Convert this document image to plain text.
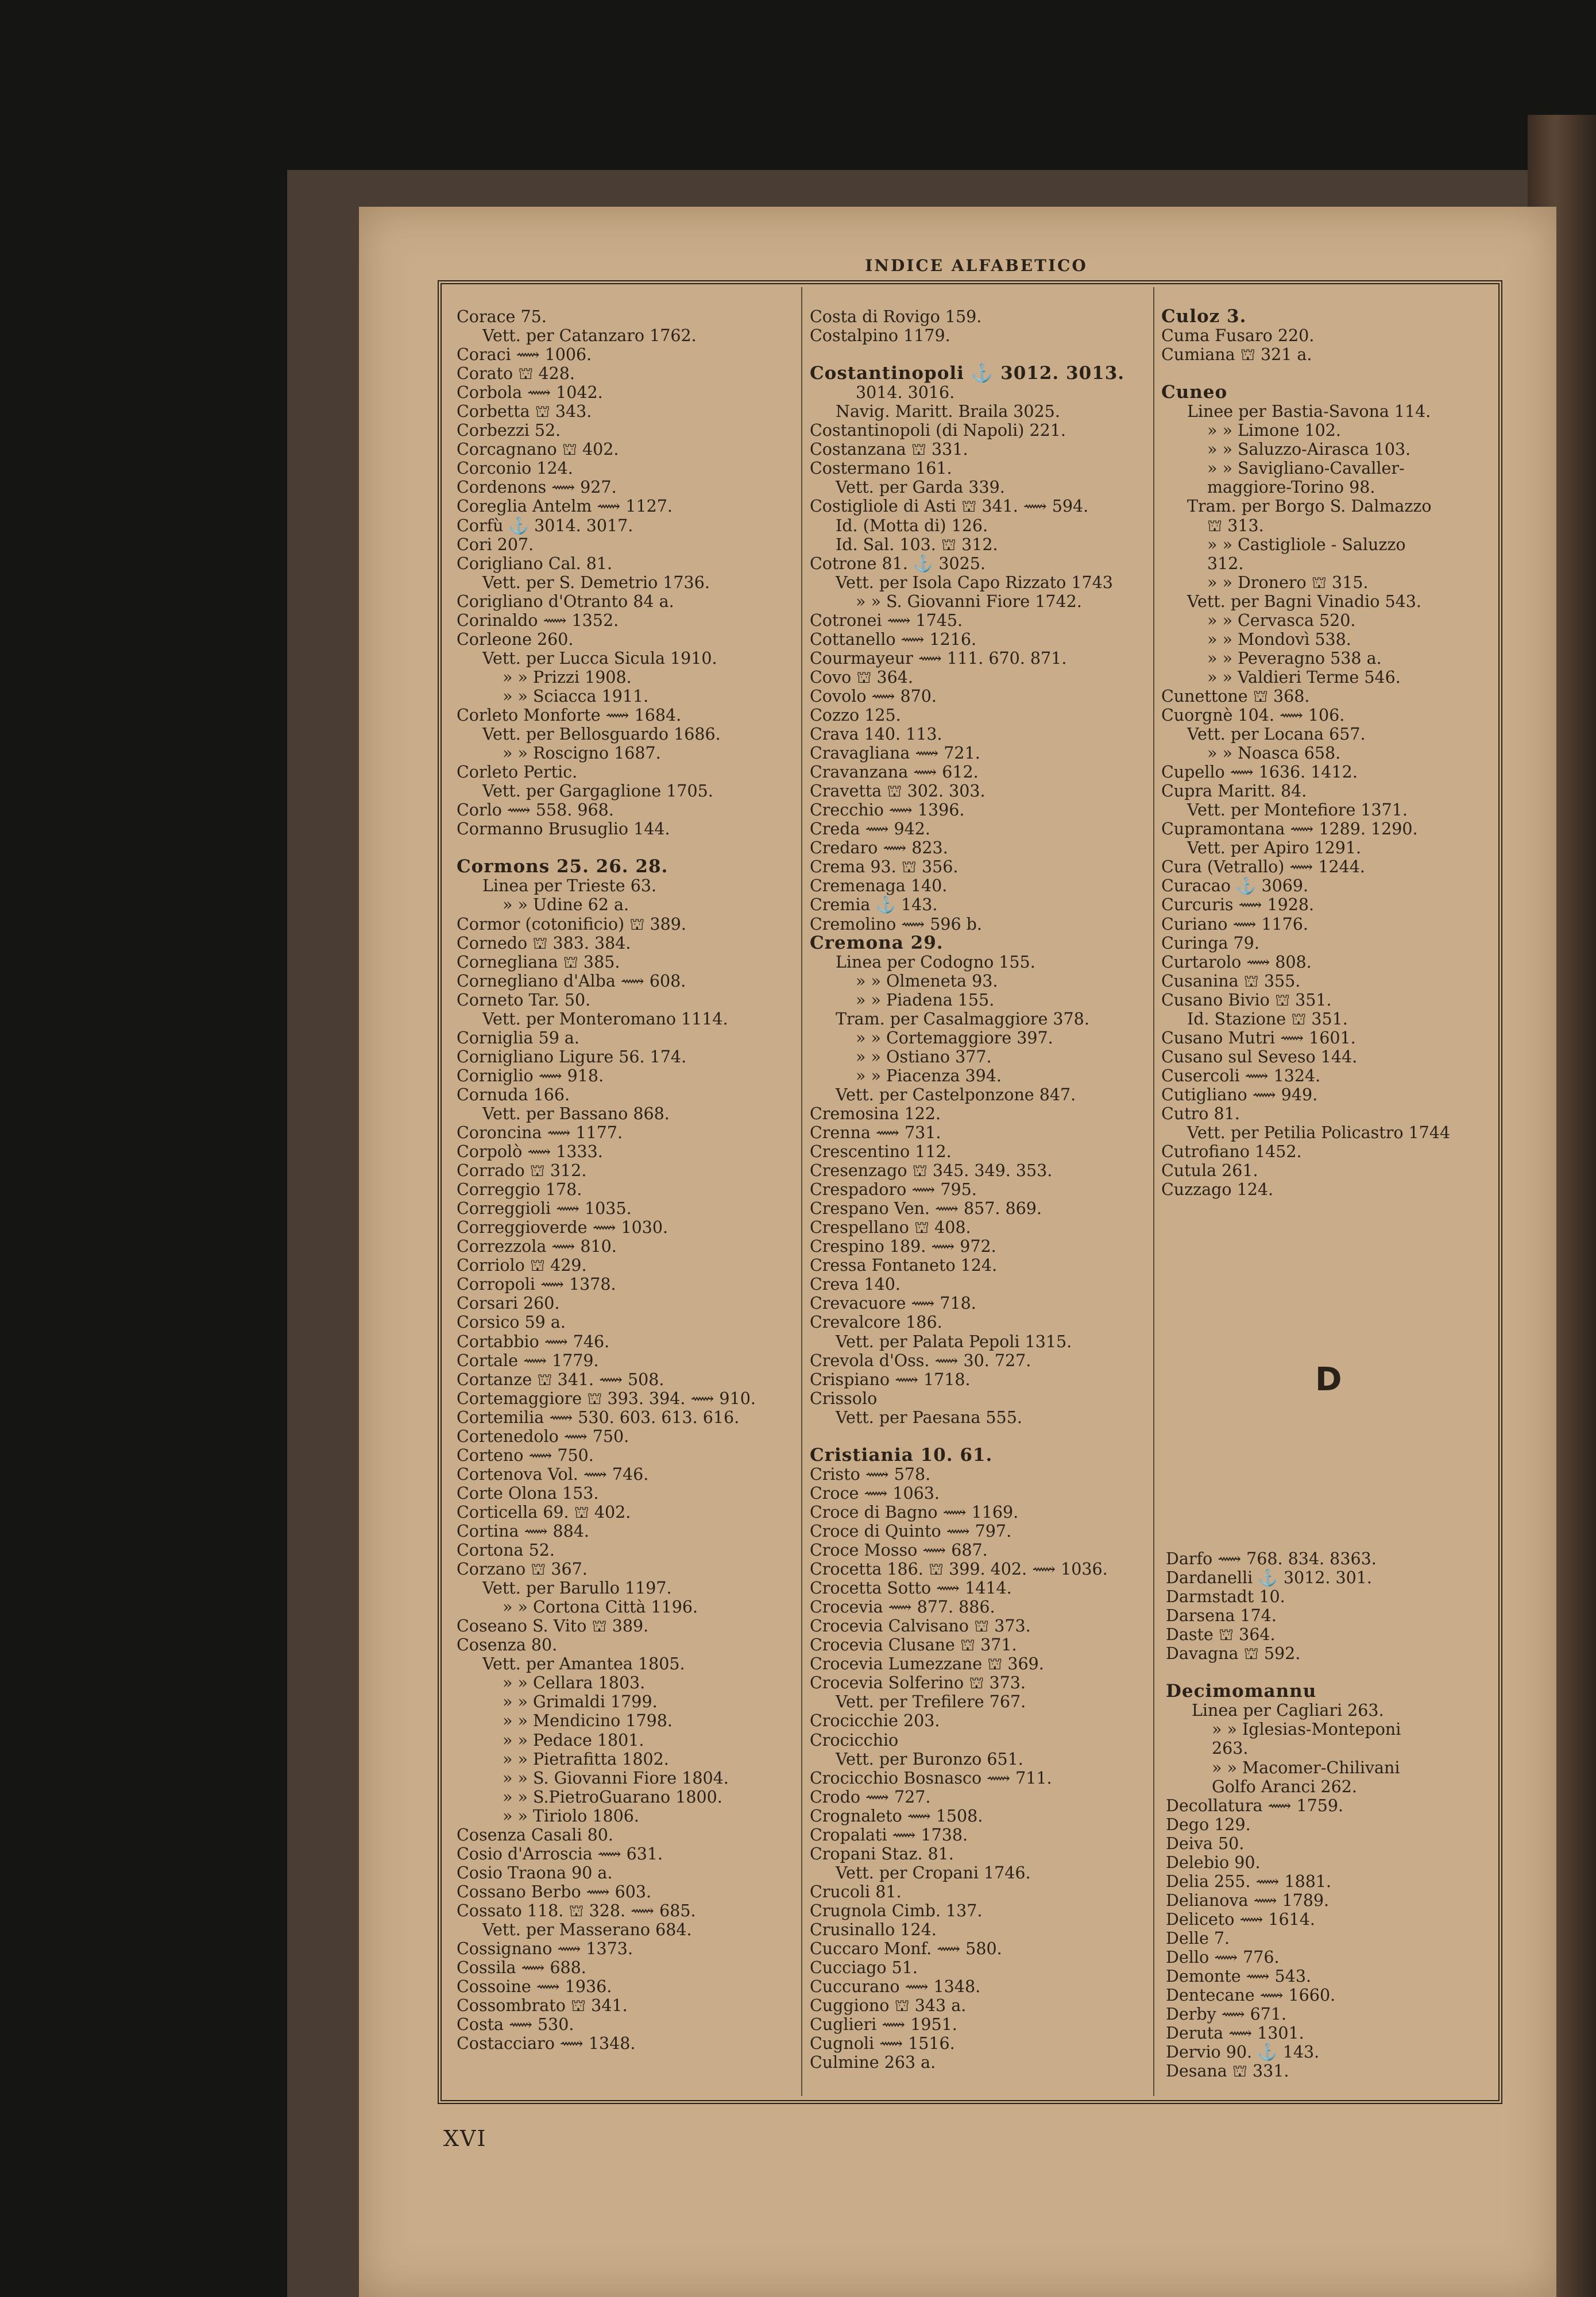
INDICE ALFABETICO
Corace 75.
Vett. per Catanzaro 1762.
Coraci ⟿ 1006.
Corato ⛫ 428.
Corbola ⟿ 1042.
Corbetta ⛫ 343.
Corbezzi 52.
Corcagnano ⛫ 402.
Corconio 124.
Cordenons ⟿ 927.
Coreglia Antelm ⟿ 1127.
Corfù ⚓ 3014. 3017.
Cori 207.
Corigliano Cal. 81.
Vett. per S. Demetrio 1736.
Corigliano d'Otranto 84 a.
Corinaldo ⟿ 1352.
Corleone 260.
Vett. per Lucca Sicula 1910.
» » Prizzi 1908.
» » Sciacca 1911.
Corleto Monforte ⟿ 1684.
Vett. per Bellosguardo 1686.
» » Roscigno 1687.
Corleto Pertic.
Vett. per Gargaglione 1705.
Corlo ⟿ 558. 968.
Cormanno Brusuglio 144.
Cormons 25. 26. 28.
Linea per Trieste 63.
» » Udine 62 a.
Cormor (cotonificio) ⛫ 389.
Cornedo ⛫ 383. 384.
Cornegliana ⛫ 385.
Cornegliano d'Alba ⟿ 608.
Corneto Tar. 50.
Vett. per Monteromano 1114.
Corniglia 59 a.
Cornigliano Ligure 56. 174.
Corniglio ⟿ 918.
Cornuda 166.
Vett. per Bassano 868.
Coroncina ⟿ 1177.
Corpolò ⟿ 1333.
Corrado ⛫ 312.
Correggio 178.
Correggioli ⟿ 1035.
Correggioverde ⟿ 1030.
Correzzola ⟿ 810.
Corriolo ⛫ 429.
Corropoli ⟿ 1378.
Corsari 260.
Corsico 59 a.
Cortabbio ⟿ 746.
Cortale ⟿ 1779.
Cortanze ⛫ 341. ⟿ 508.
Cortemaggiore ⛫ 393. 394. ⟿ 910.
Cortemilia ⟿ 530. 603. 613. 616.
Cortenedolo ⟿ 750.
Corteno ⟿ 750.
Cortenova Vol. ⟿ 746.
Corte Olona 153.
Corticella 69. ⛫ 402.
Cortina ⟿ 884.
Cortona 52.
Corzano ⛫ 367.
Vett. per Barullo 1197.
» » Cortona Città 1196.
Coseano S. Vito ⛫ 389.
Cosenza 80.
Vett. per Amantea 1805.
» » Cellara 1803.
» » Grimaldi 1799.
» » Mendicino 1798.
» » Pedace 1801.
» » Pietrafitta 1802.
» » S. Giovanni Fiore 1804.
» » S.PietroGuarano 1800.
» » Tiriolo 1806.
Cosenza Casali 80.
Cosio d'Arroscia ⟿ 631.
Cosio Traona 90 a.
Cossano Berbo ⟿ 603.
Cossato 118. ⛫ 328. ⟿ 685.
Vett. per Masserano 684.
Cossignano ⟿ 1373.
Cossila ⟿ 688.
Cossoine ⟿ 1936.
Cossombrato ⛫ 341.
Costa ⟿ 530.
Costacciaro ⟿ 1348.
Costa di Rovigo 159.
Costalpino 1179.
Costantinopoli ⚓ 3012. 3013.
3014. 3016.
Navig. Maritt. Braila 3025.
Costantinopoli (di Napoli) 221.
Costanzana ⛫ 331.
Costermano 161.
Vett. per Garda 339.
Costigliole di Asti ⛫ 341. ⟿ 594.
Id. (Motta di) 126.
Id. Sal. 103. ⛫ 312.
Cotrone 81. ⚓ 3025.
Vett. per Isola Capo Rizzato 1743
» » S. Giovanni Fiore 1742.
Cotronei ⟿ 1745.
Cottanello ⟿ 1216.
Courmayeur ⟿ 111. 670. 871.
Covo ⛫ 364.
Covolo ⟿ 870.
Cozzo 125.
Crava 140. 113.
Cravagliana ⟿ 721.
Cravanzana ⟿ 612.
Cravetta ⛫ 302. 303.
Crecchio ⟿ 1396.
Creda ⟿ 942.
Credaro ⟿ 823.
Crema 93. ⛫ 356.
Cremenaga 140.
Cremia ⚓ 143.
Cremolino ⟿ 596 b.
Cremona 29.
Linea per Codogno 155.
» » Olmeneta 93.
» » Piadena 155.
Tram. per Casalmaggiore 378.
» » Cortemaggiore 397.
» » Ostiano 377.
» » Piacenza 394.
Vett. per Castelponzone 847.
Cremosina 122.
Crenna ⟿ 731.
Crescentino 112.
Cresenzago ⛫ 345. 349. 353.
Crespadoro ⟿ 795.
Crespano Ven. ⟿ 857. 869.
Crespellano ⛫ 408.
Crespino 189. ⟿ 972.
Cressa Fontaneto 124.
Creva 140.
Crevacuore ⟿ 718.
Crevalcore 186.
Vett. per Palata Pepoli 1315.
Crevola d'Oss. ⟿ 30. 727.
Crispiano ⟿ 1718.
Crissolo
Vett. per Paesana 555.
Cristiania 10. 61.
Cristo ⟿ 578.
Croce ⟿ 1063.
Croce di Bagno ⟿ 1169.
Croce di Quinto ⟿ 797.
Croce Mosso ⟿ 687.
Crocetta 186. ⛫ 399. 402. ⟿ 1036.
Crocetta Sotto ⟿ 1414.
Crocevia ⟿ 877. 886.
Crocevia Calvisano ⛫ 373.
Crocevia Clusane ⛫ 371.
Crocevia Lumezzane ⛫ 369.
Crocevia Solferino ⛫ 373.
Vett. per Trefilere 767.
Crocicchie 203.
Crocicchio
Vett. per Buronzo 651.
Crocicchio Bosnasco ⟿ 711.
Crodo ⟿ 727.
Crognaleto ⟿ 1508.
Cropalati ⟿ 1738.
Cropani Staz. 81.
Vett. per Cropani 1746.
Crucoli 81.
Crugnola Cimb. 137.
Crusinallo 124.
Cuccaro Monf. ⟿ 580.
Cucciago 51.
Cuccurano ⟿ 1348.
Cuggiono ⛫ 343 a.
Cuglieri ⟿ 1951.
Cugnoli ⟿ 1516.
Culmine 263 a.
Culoz 3.
Cuma Fusaro 220.
Cumiana ⛫ 321 a.
Cuneo
Linee per Bastia-Savona 114.
» » Limone 102.
» » Saluzzo-Airasca 103.
» » Savigliano-Cavaller-
maggiore-Torino 98.
Tram. per Borgo S. Dalmazzo
⛫ 313.
» » Castigliole - Saluzzo
312.
» » Dronero ⛫ 315.
Vett. per Bagni Vinadio 543.
» » Cervasca 520.
» » Mondovì 538.
» » Peveragno 538 a.
» » Valdieri Terme 546.
Cunettone ⛫ 368.
Cuorgnè 104. ⟿ 106.
Vett. per Locana 657.
» » Noasca 658.
Cupello ⟿ 1636. 1412.
Cupra Maritt. 84.
Vett. per Montefiore 1371.
Cupramontana ⟿ 1289. 1290.
Vett. per Apiro 1291.
Cura (Vetrallo) ⟿ 1244.
Curacao ⚓ 3069.
Curcuris ⟿ 1928.
Curiano ⟿ 1176.
Curinga 79.
Curtarolo ⟿ 808.
Cusanina ⛫ 355.
Cusano Bivio ⛫ 351.
Id. Stazione ⛫ 351.
Cusano Mutri ⟿ 1601.
Cusano sul Seveso 144.
Cusercoli ⟿ 1324.
Cutigliano ⟿ 949.
Cutro 81.
Vett. per Petilia Policastro 1744
Cutrofiano 1452.
Cutula 261.
Cuzzago 124.
Darfo ⟿ 768. 834. 8363.
Dardanelli ⚓ 3012. 301.
Darmstadt 10.
Darsena 174.
Daste ⛫ 364.
Davagna ⛫ 592.
Decimomannu
Linea per Cagliari 263.
» » Iglesias-Monteponi
263.
» » Macomer-Chilivani
Golfo Aranci 262.
Decollatura ⟿ 1759.
Dego 129.
Deiva 50.
Delebio 90.
Delia 255. ⟿ 1881.
Delianova ⟿ 1789.
Deliceto ⟿ 1614.
Delle 7.
Dello ⟿ 776.
Demonte ⟿ 543.
Dentecane ⟿ 1660.
Derby ⟿ 671.
Deruta ⟿ 1301.
Dervio 90. ⚓ 143.
Desana ⛫ 331.
D
XVI
